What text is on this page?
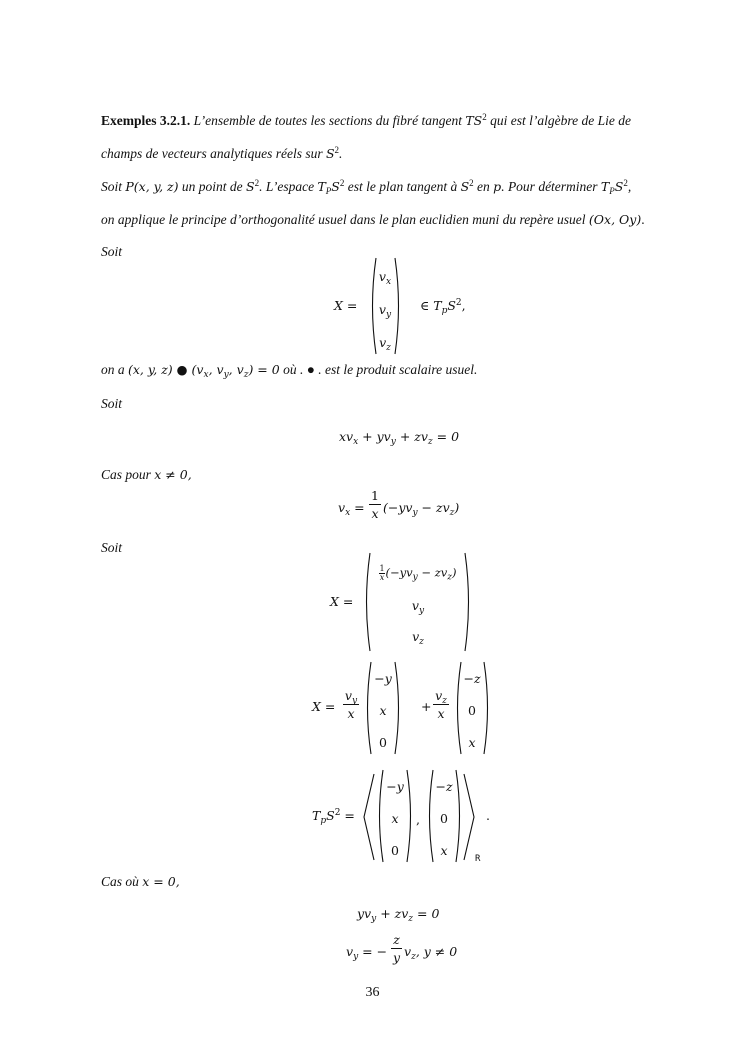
Exemples 3.2.1. L’ensemble de toutes les sections du fibré tangent $TS^2$ qui est l’algèbre de Lie de
champs de vecteurs analytiques réels sur $S^2$.
Soit P(x, y, z) un point de $S^2$. L’espace $T_PS^2$ est le plan tangent à $S^2$ en p. Pour déterminer $T_PS^2$,
on applique le principe d’orthogonalité usuel dans le plan euclidien muni du repère usuel (Ox, Oy).
Soit
X =
$v_x$
$v_y$
$v_z$
∈ $T_pS^2$,
on a (x, y, z) ● ($v_x$, $v_y$, $v_z) = 0$ où . ● . est le produit scalaire usuel.
Soit
$xv_x + yv_y + zv_z = 0$
Cas pour x ≠ 0,
$v_x = \frac{1}{x} (-yv_y - zv_z)$
Soit
X =
$\frac{1}{x} (-yv_y - zv_z)$
$v_y$
$v_z$
$X = \frac{v_y}{x}$
−y
x
0
+ $\frac{v_z}{x}$
−z
0
x
$T_pS^2$ =
−y
x
0
,
−z
0
x
R
.
Cas où x = 0,
$yv_y + zv_z = 0$
$v_y$ = − $\frac{z}{y} v_z$, y ≠ 0
36
